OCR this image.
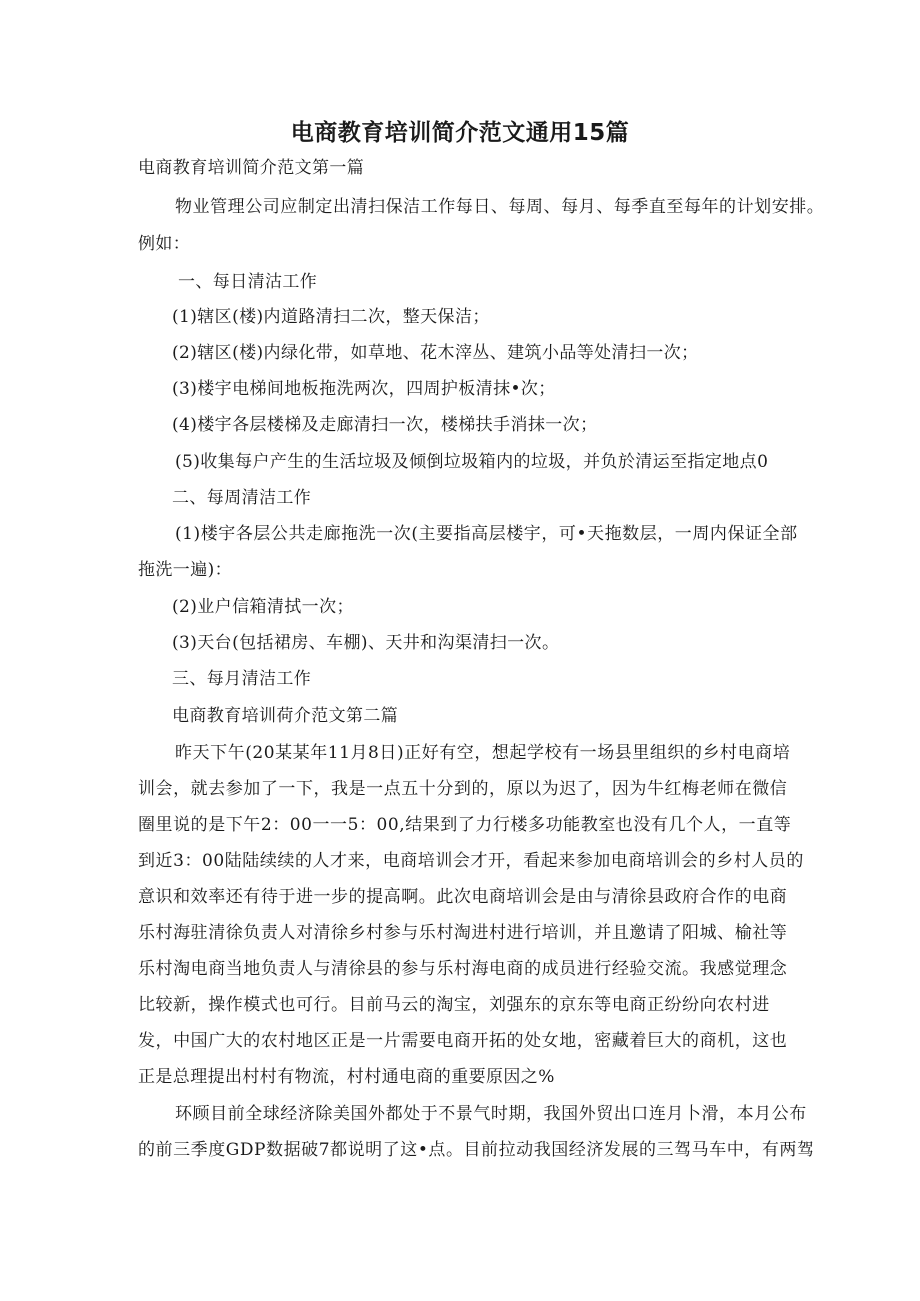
电商教育培训简介范文通用15篇
电商教育培训简介范文第一篇
物业管理公司应制定出清扫保洁工作每日、每周、每月、每季直至每年的计划安排。
例如：
一、每日清沽工作
(1)辖区(楼)内道路清扫二次，整天保洁；
(2)辖区(楼)内绿化带，如草地、花木滓丛、建筑小品等处清扫一次；
(3)楼宇电梯间地板拖洗两次，四周护板清抹•次；
(4)楼宇各层楼梯及走廊清扫一次，楼梯扶手消抹一次；
(5)收集每户产生的生活垃圾及倾倒垃圾箱内的垃圾，并负於清运至指定地点0
二、每周清洁工作
(1)楼宇各层公共走廊拖洗一次(主要指高层楼宇，可•天拖数层，一周内保证全部
拖洗一遍)：
(2)业户信箱清拭一次；
(3)天台(包括裙房、车棚)、天井和沟渠清扫一次。
三、每月清洁工作
电商教育培训荷介范文第二篇
昨天下午(20某某年11月8日)正好有空，想起学校有一场县里组织的乡村电商培
训会，就去参加了一下，我是一点五十分到的，原以为迟了，因为牛红梅老师在微信
圈里说的是下午2：00一一5：00,结果到了力行楼多功能教室也没有几个人，一直等
到近3：00陆陆续续的人才来，电商培训会才开，看起来参加电商培训会的乡村人员的
意识和效率还有待于进一步的提高啊。此次电商培训会是由与清徐县政府合作的电商
乐村海驻清徐负责人对清徐乡村参与乐村淘进村进行培训，并且邀请了阳城、榆社等
乐村淘电商当地负责人与清徐县的参与乐村海电商的成员进行经验交流。我感觉理念
比较新，操作模式也可行。目前马云的淘宝，刘强东的京东等电商正纷纷向农村进
发，中国广大的农村地区正是一片需要电商开拓的处女地，密藏着巨大的商机，这也
正是总理提出村村有物流，村村通电商的重要原因之%
环顾目前全球经济除美国外都处于不景气时期，我国外贸出口连月卜滑，本月公布
的前三季度GDP数据破7都说明了这•点。目前拉动我国经济发展的三驾马车中，有两驾
